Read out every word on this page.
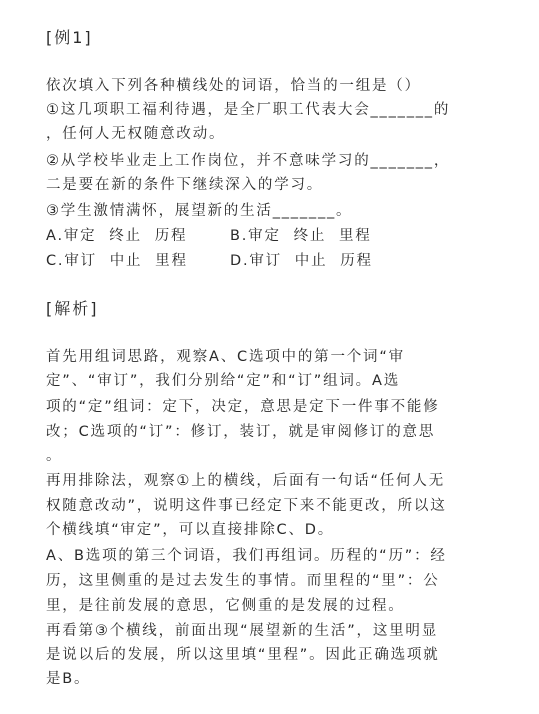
[例1]
依次填入下列各种横线处的词语，恰当的一组是（）
①这几项职工福利待遇，是全厂职工代表大会_______的
，任何人无权随意改动。
②从学校毕业走上工作岗位，并不意味学习的_______，
二是要在新的条件下继续深入的学习。
③学生激情满怀，展望新的生活_______。
A.审定  终止  历程	B.审定  终止  里程
C.审订  中止  里程	D.审订  中止  历程
[解析]
首先用组词思路，观察A、C选项中的第一个词“审
定”、“审订”，我们分别给“定”和“订”组词。A选
项的“定”组词：定下，决定，意思是定下一件事不能修
改；C选项的“订”：修订，装订，就是审阅修订的意思
。
再用排除法，观察①上的横线，后面有一句话“任何人无
权随意改动”，说明这件事已经定下来不能更改，所以这
个横线填“审定”，可以直接排除C、D。
A、B选项的第三个词语，我们再组词。历程的“历”：经
历，这里侧重的是过去发生的事情。而里程的“里”：公
里，是往前发展的意思，它侧重的是发展的过程。
再看第③个横线，前面出现“展望新的生活”，这里明显
是说以后的发展，所以这里填“里程”。因此正确选项就
是B。
